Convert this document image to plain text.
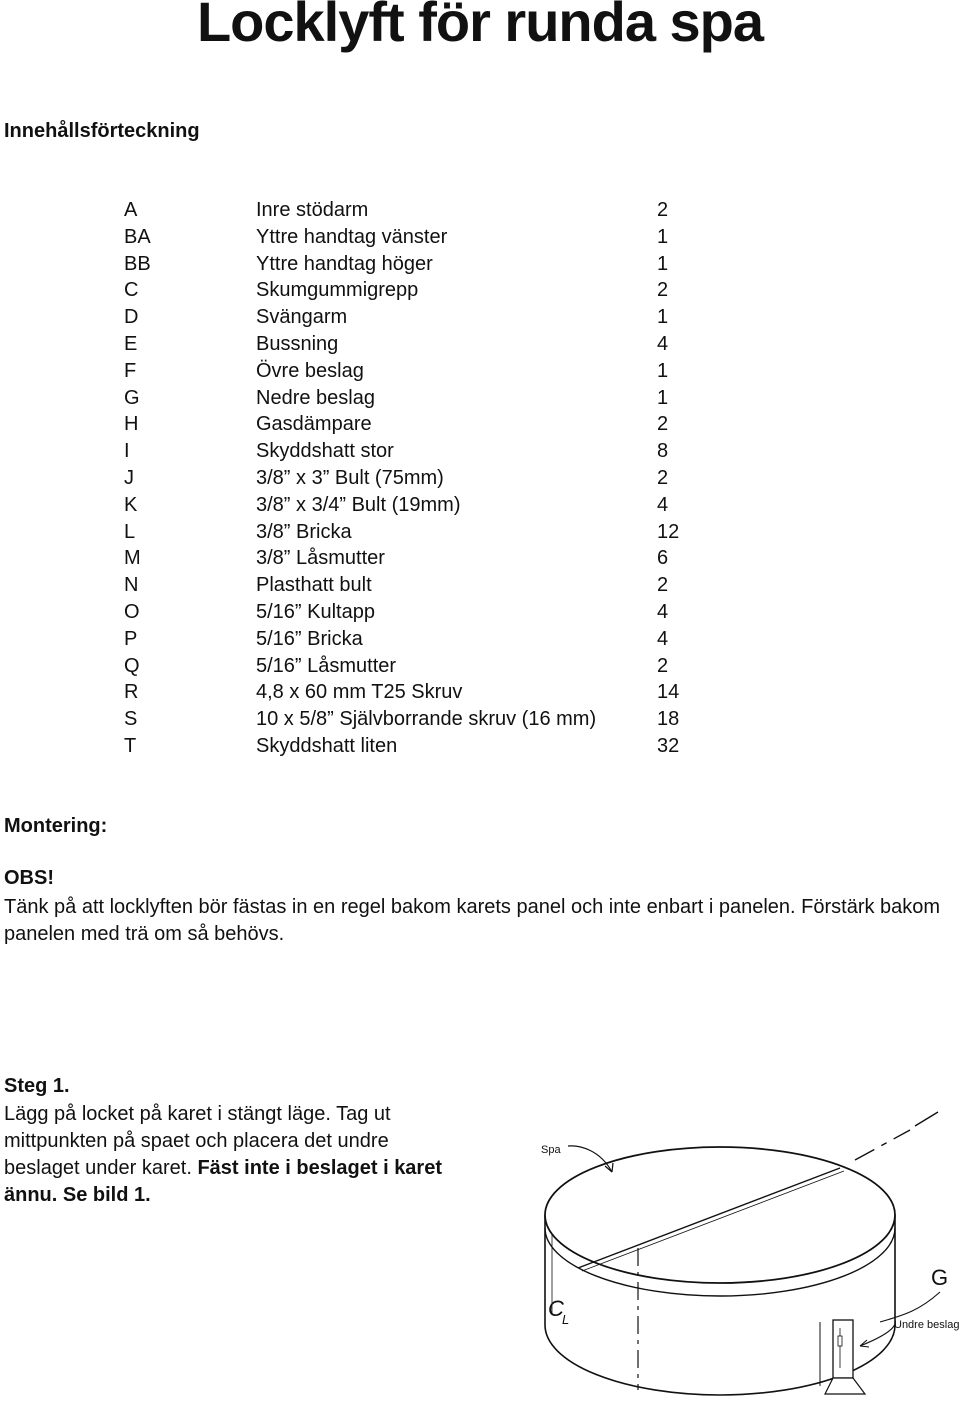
Locklyft för runda spa
Innehållsförteckning
A	Inre stödarm	2
BA	Yttre handtag vänster	1
BB	Yttre handtag höger	1
C	Skumgummigrepp	2
D	Svängarm	1
E	Bussning	4
F	Övre beslag	1
G	Nedre beslag	1
H	Gasdämpare	2
I	Skyddshatt stor	8
J	3/8” x 3” Bult (75mm)	2
K	3/8” x 3/4” Bult (19mm)	4
L	3/8” Bricka	12
M	3/8” Låsmutter	6
N	Plasthatt bult	2
O	5/16” Kultapp	4
P	5/16” Bricka	4
Q	5/16” Låsmutter	2
R	4,8 x 60 mm T25 Skruv	14
S	10 x 5/8” Självborrande skruv (16 mm)	18
T	Skyddshatt liten	32
Montering:
OBS!

Tänk på att locklyften bör fästas in en regel bakom karets panel och inte enbart i panelen. Förstärk bakom panelen med trä om så behövs.

Steg 1.

Lägg på locket på karet i stängt läge. Tag ut mittpunkten på spaet och placera det undre beslaget under karet. Fäst inte i beslaget i karet ännu. Se bild 1.

Spa
G
C
L	Undre beslag
